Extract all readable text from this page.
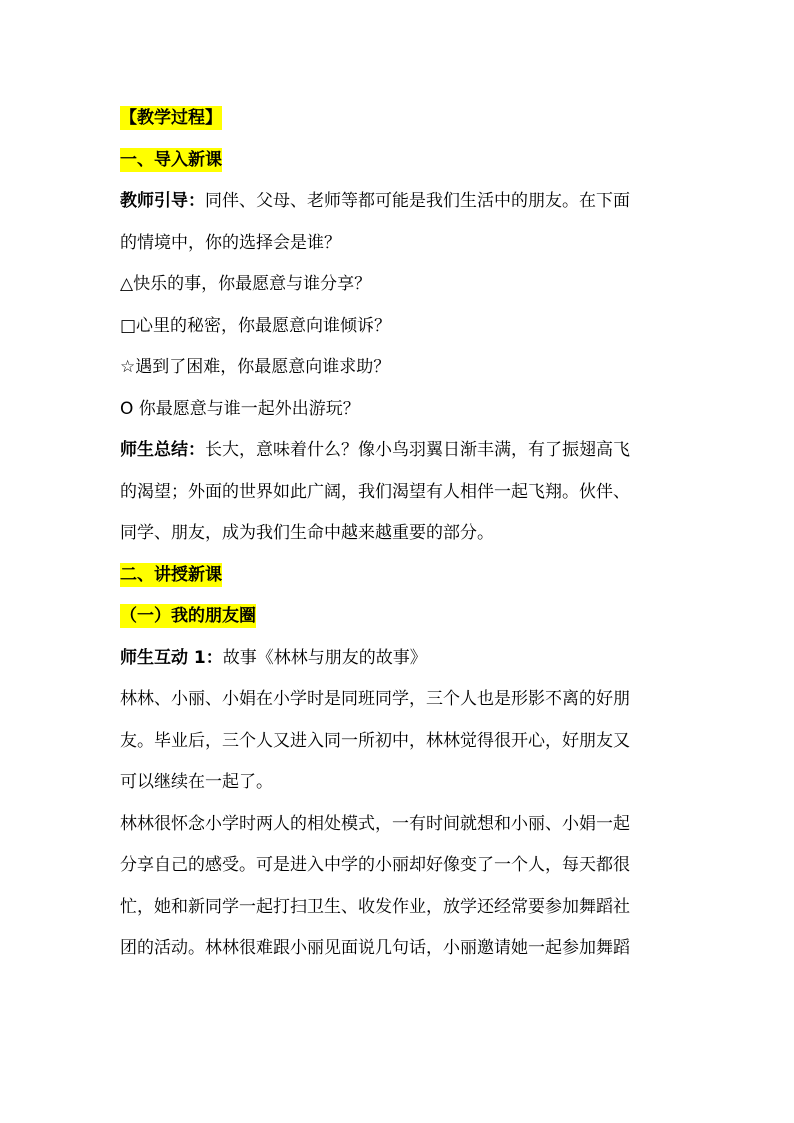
【教学过程】
一、导入新课
教师引导：同伴、父母、老师等都可能是我们生活中的朋友。在下面
的情境中，你的选择会是谁？
△快乐的事，你最愿意与谁分享？
□心里的秘密，你最愿意向谁倾诉？
☆遇到了困难，你最愿意向谁求助？
O 你最愿意与谁一起外出游玩？
师生总结：长大，意味着什么？像小鸟羽翼日渐丰满，有了振翅高飞
的渴望；外面的世界如此广阔，我们渴望有人相伴一起飞翔。伙伴、
同学、朋友，成为我们生命中越来越重要的部分。
二、讲授新课
（一）我的朋友圈
师生互动 1：故事《林林与朋友的故事》
林林、小丽、小娟在小学时是同班同学，三个人也是形影不离的好朋
友。毕业后，三个人又进入同一所初中，林林觉得很开心，好朋友又
可以继续在一起了。
林林很怀念小学时两人的相处模式，一有时间就想和小丽、小娟一起
分享自己的感受。可是进入中学的小丽却好像变了一个人，每天都很
忙，她和新同学一起打扫卫生、收发作业，放学还经常要参加舞蹈社
团的活动。林林很难跟小丽见面说几句话，小丽邀请她一起参加舞蹈
